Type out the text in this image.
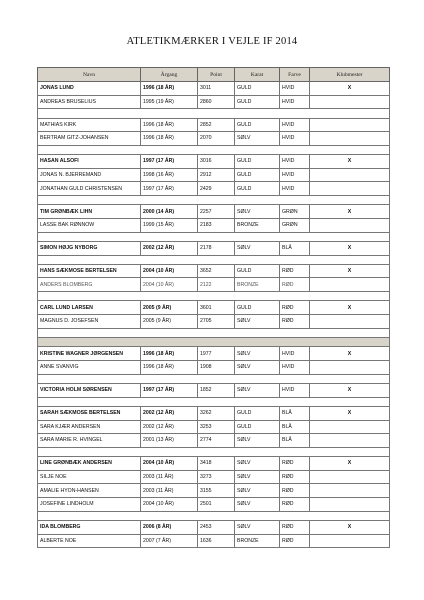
ATLETIKMÆRKER I VEJLE IF 2014
Navn	Årgang	Point	Karat	Farve	Klubmester
JONAS LUND	1996 (18 ÅR)	3011	GULD	HVID	X
ANDREAS BRUSELIUS	1995 (19 ÅR)	2860	GULD	HVID	

MATHIAS KIRK	1996 (18 ÅR)	2852	GULD	HVID	
BERTRAM GITZ-JOHANSEN	1996 (18 ÅR)	2070	SØLV	HVID	

HASAN ALSOFI	1997 (17 ÅR)	3016	GULD	HVID	X
JONAS N. BJERREMAND	1998 (16 ÅR)	2912	GULD	HVID	
JONATHAN GULD CHRISTENSEN	1997 (17 ÅR)	2429	GULD	HVID	

TIM GRØNBÆK LIHN	2000 (14 ÅR)	2257	SØLV	GRØN	X
LASSE BAK RØNNOW	1999 (15 ÅR)	2183	BRONZE	GRØN	

SIMON HØJG NYBORG	2002 (12 ÅR)	2178	SØLV	BLÅ	X

HANS SÆKMOSE BERTELSEN	2004 (10 ÅR)	3652	GULD	RØD	X
ANDERS BLOMBERG	2004 (10 ÅR)	2122	BRONZE	RØD	

CARL LUND LARSEN	2005 (9 ÅR)	3601	GULD	RØD	X
MAGNUS D. JOSEFSEN	2005 (9 ÅR)	2705	SØLV	RØD	

KRISTINE WAGNER JØRGENSEN	1996 (18 ÅR)	1977	SØLV	HVID	X
ANNE SVANVIG	1996 (18 ÅR)	1908	SØLV	HVID	

VICTORIA HOLM SØRENSEN	1997 (17 ÅR)	1852	SØLV	HVID	X

SARAH SÆKMOSE BERTELSEN	2002 (12 ÅR)	3262	GULD	BLÅ	X
SARA KJÆR ANDERSEN	2002 (12 ÅR)	3253	GULD	BLÅ	
SARA MARIE R. HVINGEL	2001 (13 ÅR)	2774	SØLV	BLÅ	

LINE GRØNBÆK ANDERSEN	2004 (10 ÅR)	3418	SØLV	RØD	X
SILJE NOE	2003 (11 ÅR)	3273	SØLV	RØD	
AMALIE HYON-HANSEN	2003 (11 ÅR)	3155	SØLV	RØD	
JOSEFINE LINDHOLM	2004 (10 ÅR)	2501	SØLV	RØD	

IDA BLOMBERG	2006 (8 ÅR)	2453	SØLV	RØD	X
ALBERTE NOE	2007 (7 ÅR)	1636	BRONZE	RØD	
